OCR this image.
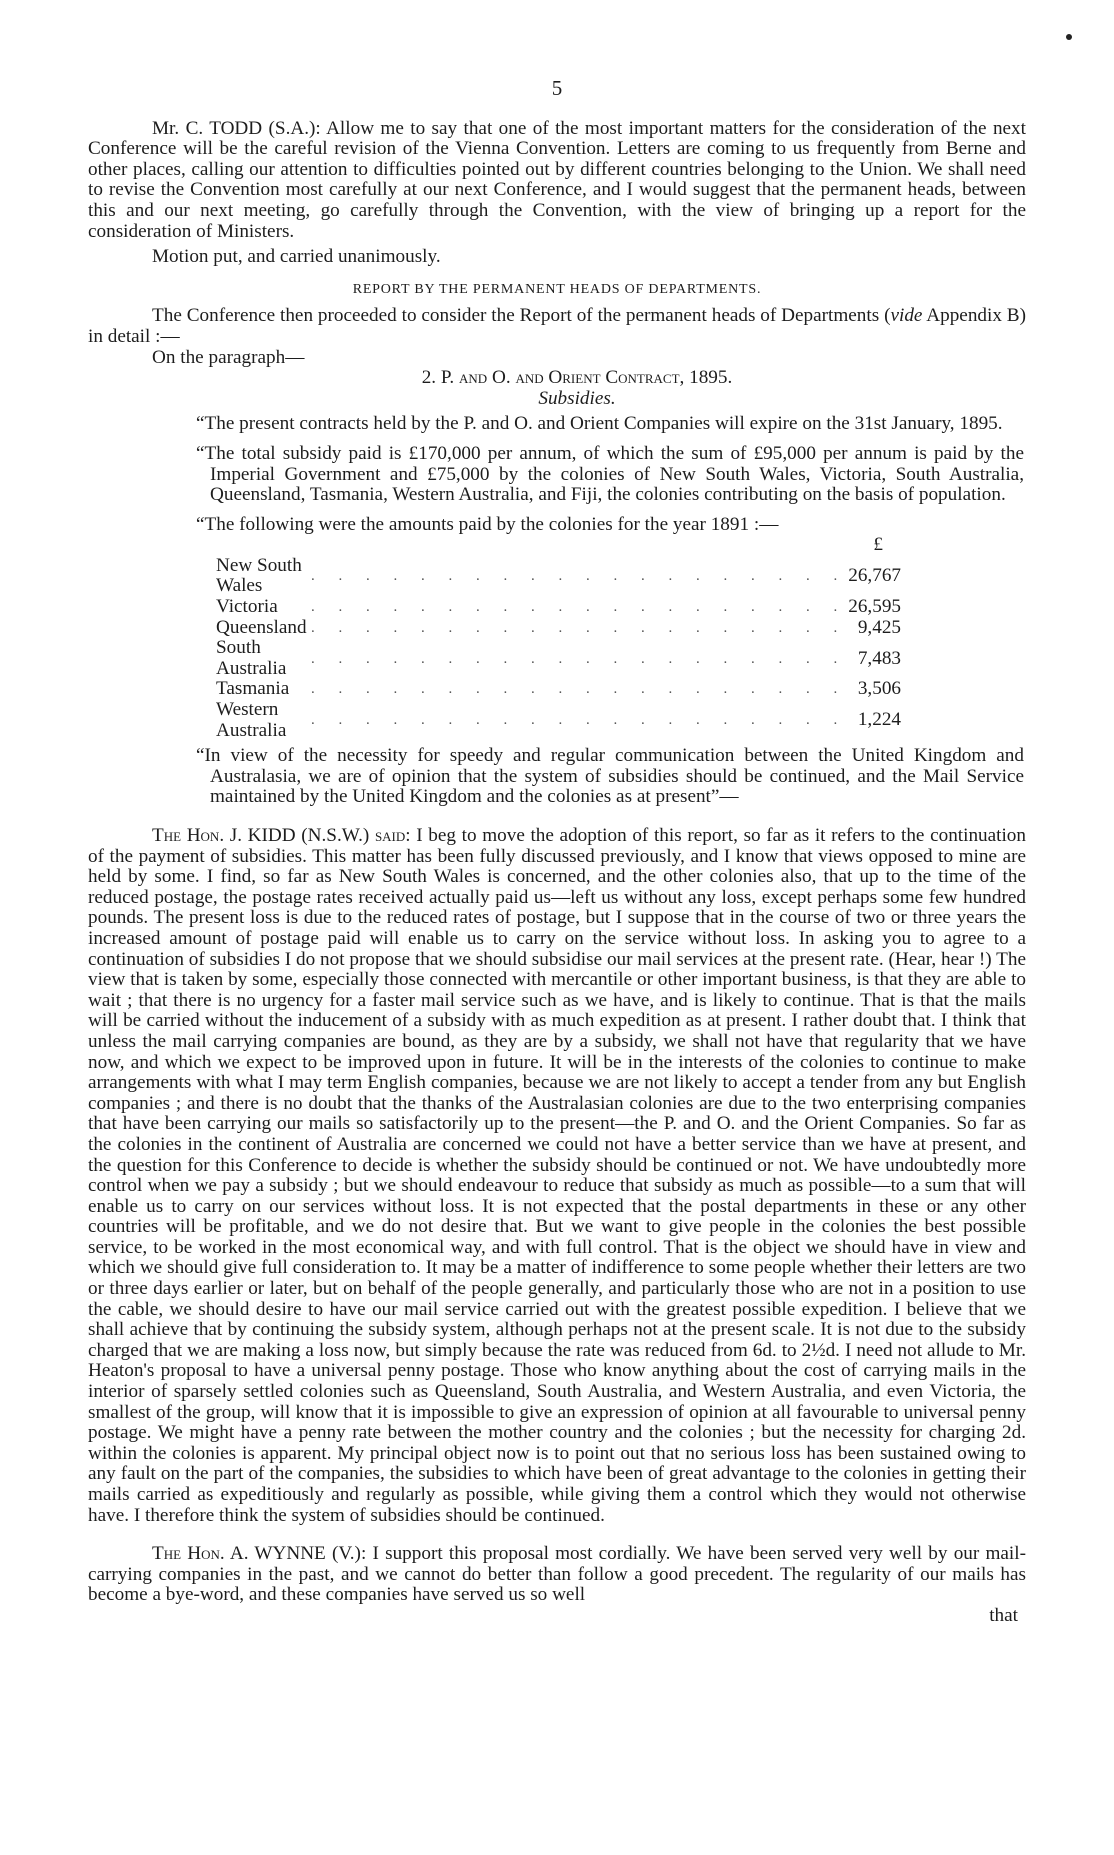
5

Mr. C. TODD (S.A.): Allow me to say that one of the most important matters for the consideration of the next Conference will be the careful revision of the Vienna Convention. Letters are coming to us frequently from Berne and other places, calling our attention to difficulties pointed out by different countries belonging to the Union. We shall need to revise the Convention most carefully at our next Conference, and I would suggest that the permanent heads, between this and our next meeting, go carefully through the Convention, with the view of bringing up a report for the consideration of Ministers.

Motion put, and carried unanimously.

REPORT BY THE PERMANENT HEADS OF DEPARTMENTS.

The Conference then proceeded to consider the Report of the permanent heads of Departments (vide Appendix B) in detail :—

On the paragraph—

2. P. and O. and Orient Contract, 1895.
Subsidies.

“The present contracts held by the P. and O. and Orient Companies will expire on the 31st January, 1895.

“The total subsidy paid is £170,000 per annum, of which the sum of £95,000 per annum is paid by the Imperial Government and £75,000 by the colonies of New South Wales, Victoria, South Australia, Queensland, Tasmania, Western Australia, and Fiji, the colonies contributing on the basis of population.

“The following were the amounts paid by the colonies for the year 1891 :—

£		
New South Wales	. . . . . . . . . . . . . . . . . . . .	26,767
Victoria	. . . . . . . . . . . . . . . . . . . .	26,595
Queensland	. . . . . . . . . . . . . . . . . . . .	9,425
South Australia	. . . . . . . . . . . . . . . . . . . .	7,483
Tasmania	. . . . . . . . . . . . . . . . . . . .	3,506
Western Australia	. . . . . . . . . . . . . . . . . . . .	1,224

“In view of the necessity for speedy and regular communication between the United Kingdom and Australasia, we are of opinion that the system of subsidies should be continued, and the Mail Service maintained by the United Kingdom and the colonies as at present”—

The Hon. J. KIDD (N.S.W.) said: I beg to move the adoption of this report, so far as it refers to the continuation of the payment of subsidies. This matter has been fully discussed previously, and I know that views opposed to mine are held by some. I find, so far as New South Wales is concerned, and the other colonies also, that up to the time of the reduced postage, the postage rates received actually paid us—left us without any loss, except perhaps some few hundred pounds. The present loss is due to the reduced rates of postage, but I suppose that in the course of two or three years the increased amount of postage paid will enable us to carry on the service without loss. In asking you to agree to a continuation of subsidies I do not propose that we should subsidise our mail services at the present rate. (Hear, hear !) The view that is taken by some, especially those connected with mercantile or other important business, is that they are able to wait ; that there is no urgency for a faster mail service such as we have, and is likely to continue. That is that the mails will be carried without the inducement of a subsidy with as much expedition as at present. I rather doubt that. I think that unless the mail carrying companies are bound, as they are by a subsidy, we shall not have that regularity that we have now, and which we expect to be improved upon in future. It will be in the interests of the colonies to continue to make arrangements with what I may term English companies, because we are not likely to accept a tender from any but English companies ; and there is no doubt that the thanks of the Australasian colonies are due to the two enterprising companies that have been carrying our mails so satisfactorily up to the present—the P. and O. and the Orient Companies. So far as the colonies in the continent of Australia are concerned we could not have a better service than we have at present, and the question for this Conference to decide is whether the subsidy should be continued or not. We have undoubtedly more control when we pay a subsidy ; but we should endeavour to reduce that subsidy as much as possible—to a sum that will enable us to carry on our services without loss. It is not expected that the postal departments in these or any other countries will be profitable, and we do not desire that. But we want to give people in the colonies the best possible service, to be worked in the most economical way, and with full control. That is the object we should have in view and which we should give full consideration to. It may be a matter of indifference to some people whether their letters are two or three days earlier or later, but on behalf of the people generally, and particularly those who are not in a position to use the cable, we should desire to have our mail service carried out with the greatest possible expedition. I believe that we shall achieve that by continuing the subsidy system, although perhaps not at the present scale. It is not due to the subsidy charged that we are making a loss now, but simply because the rate was reduced from 6d. to 2½d. I need not allude to Mr. Heaton's proposal to have a universal penny postage. Those who know anything about the cost of carrying mails in the interior of sparsely settled colonies such as Queensland, South Australia, and Western Australia, and even Victoria, the smallest of the group, will know that it is impossible to give an expression of opinion at all favourable to universal penny postage. We might have a penny rate between the mother country and the colonies ; but the necessity for charging 2d. within the colonies is apparent. My principal object now is to point out that no serious loss has been sustained owing to any fault on the part of the companies, the subsidies to which have been of great advantage to the colonies in getting their mails carried as expeditiously and regularly as possible, while giving them a control which they would not otherwise have. I therefore think the system of subsidies should be continued.

The Hon. A. WYNNE (V.): I support this proposal most cordially. We have been served very well by our mail-carrying companies in the past, and we cannot do better than follow a good precedent. The regularity of our mails has become a bye-word, and these companies have served us so well

that
